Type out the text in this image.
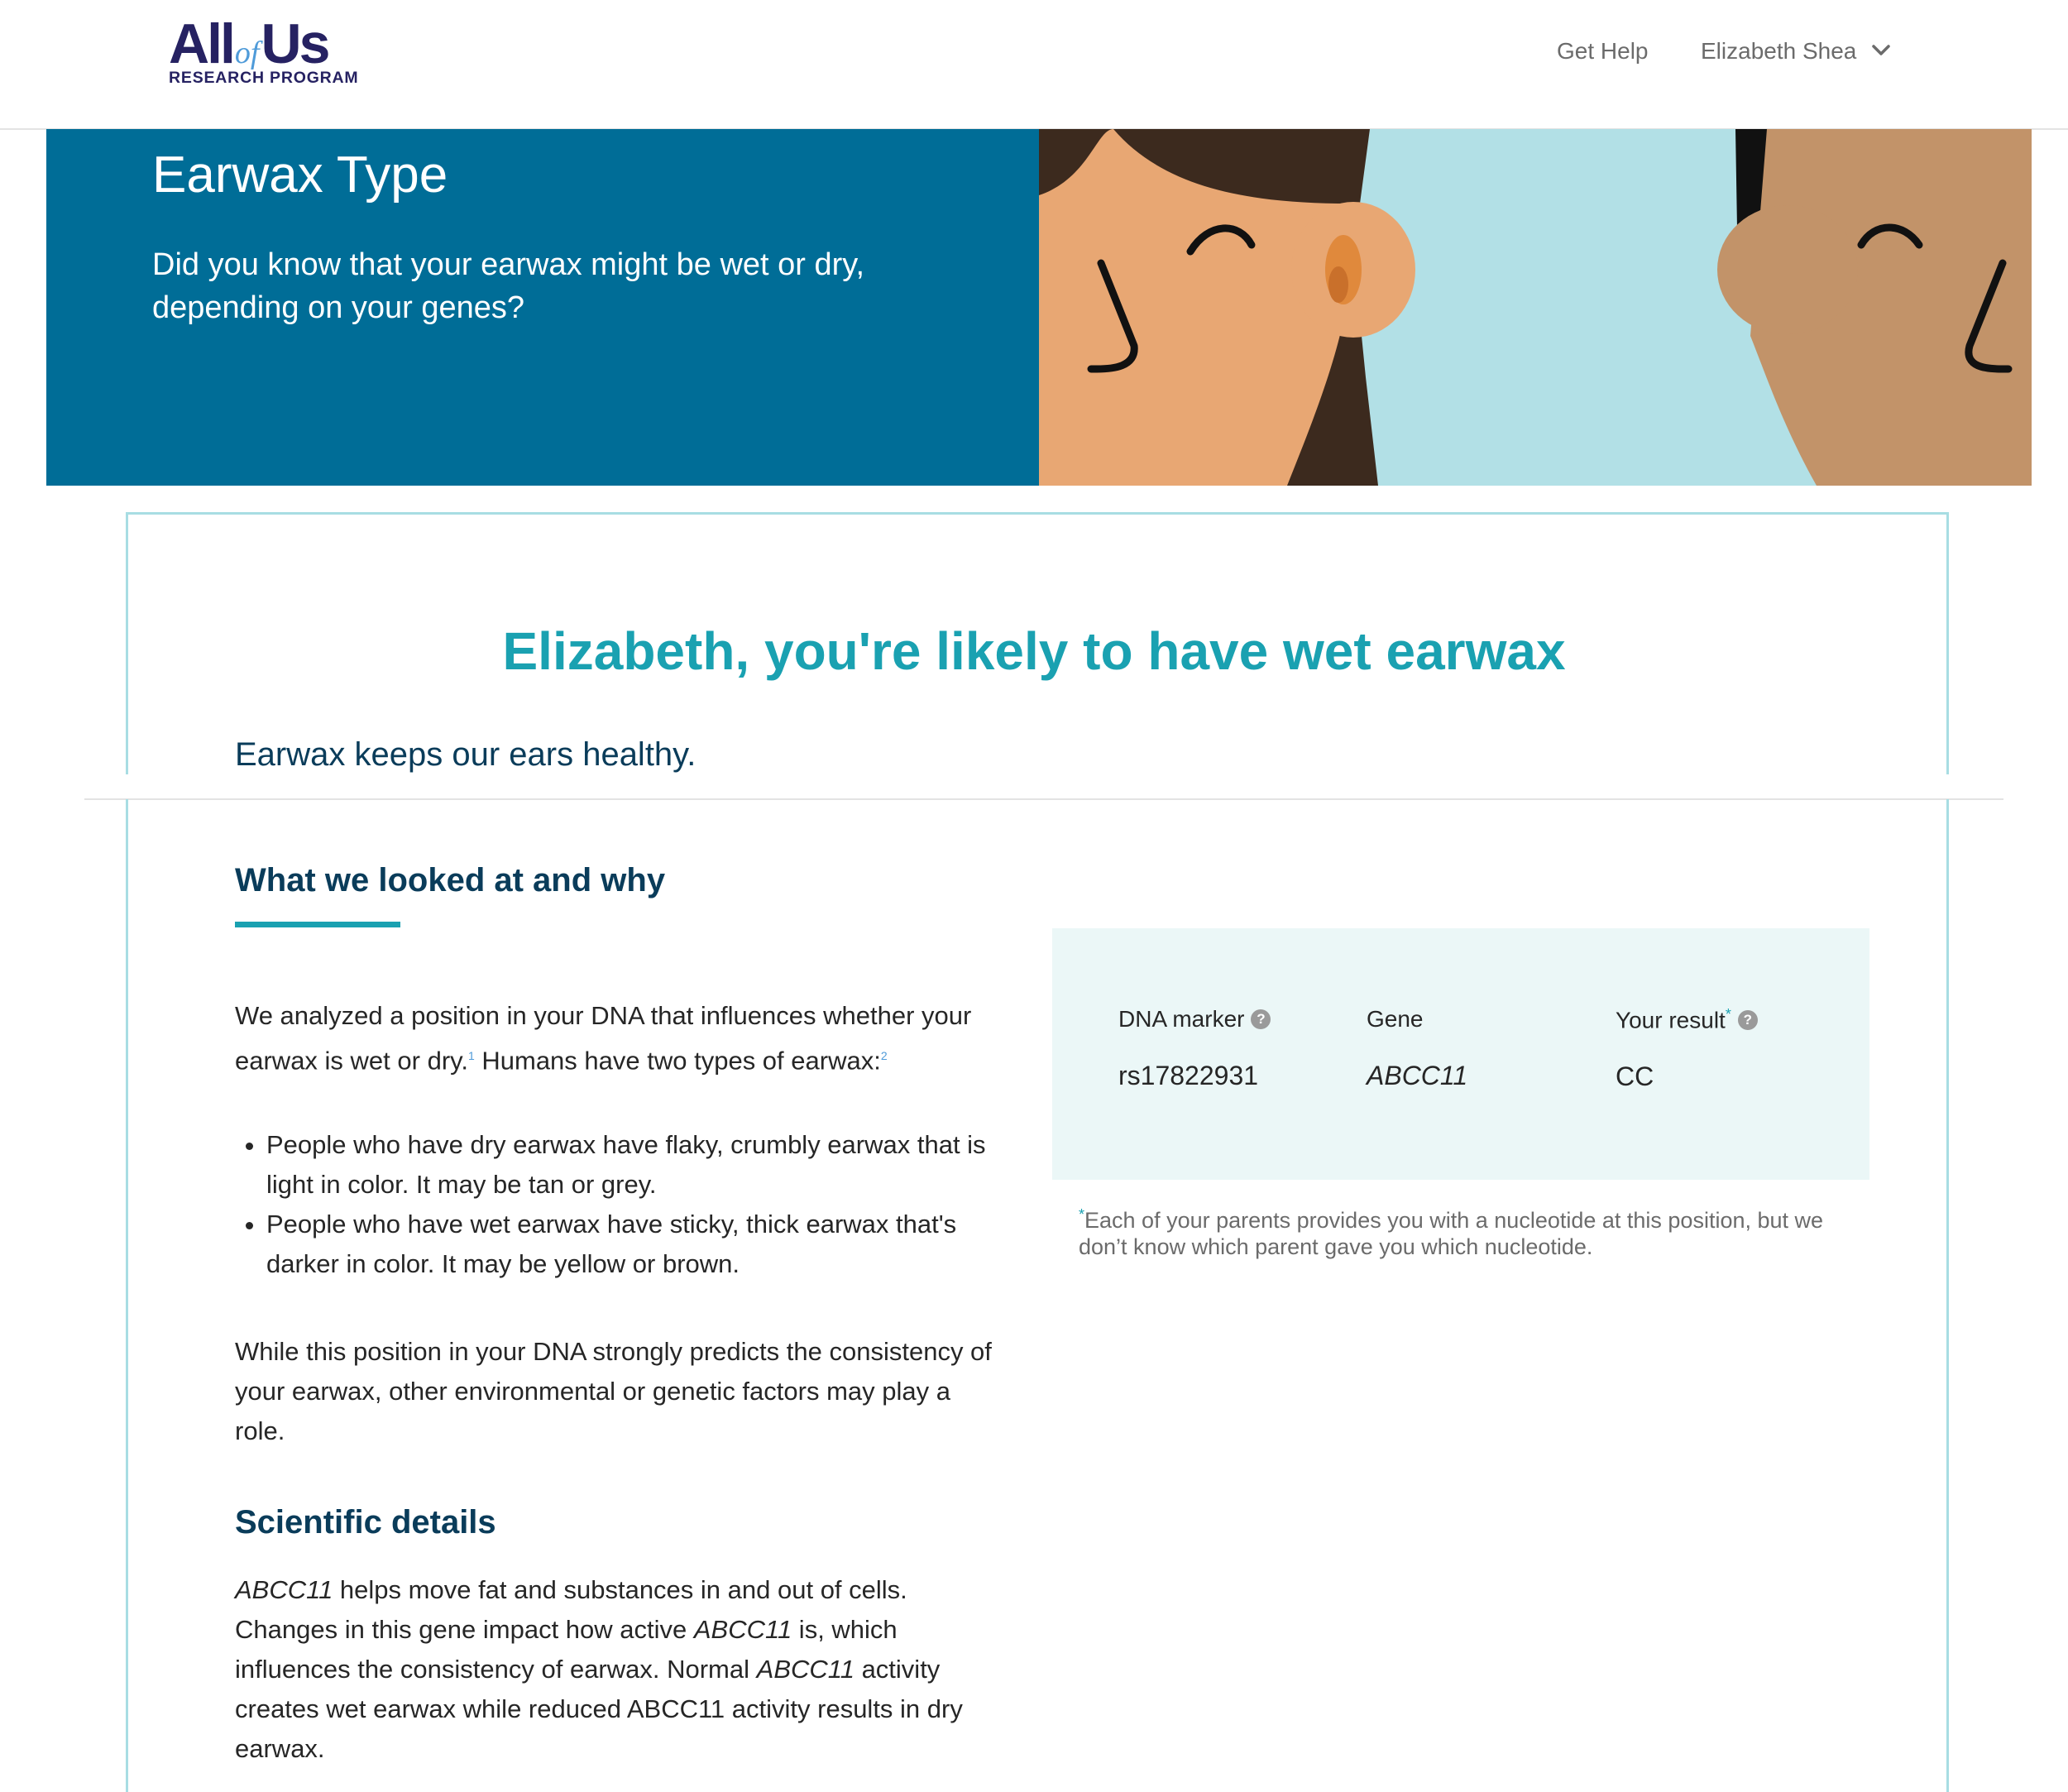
AllofUs
RESEARCH PROGRAM
Get Help Elizabeth Shea
Earwax Type

Did you know that your earwax might be wet or dry, depending on your genes?

Elizabeth, you're likely to have wet earwax

Earwax keeps our ears healthy.

What we looked at and why

We analyzed a position in your DNA that influences whether your earwax is wet or dry.$^1$ Humans have two types of earwax:$^2$

• People who have dry earwax have flaky, crumbly earwax that is light in color. It may be tan or grey.
• People who have wet earwax have sticky, thick earwax that's darker in color. It may be yellow or brown.

While this position in your DNA strongly predicts the consistency of your earwax, other environmental or genetic factors may play a role.

Scientific details

ABCC11 helps move fat and substances in and out of cells. Changes in this gene impact how active ABCC11 is, which influences the consistency of earwax. Normal ABCC11 activity creates wet earwax while reduced ABCC11 activity results in dry earwax.

DNA marker ?
rs17822931
Gene
ABCC11
Your result* ?
CC

*Each of your parents provides you with a nucleotide at this position, but we don’t know which parent gave you which nucleotide.
